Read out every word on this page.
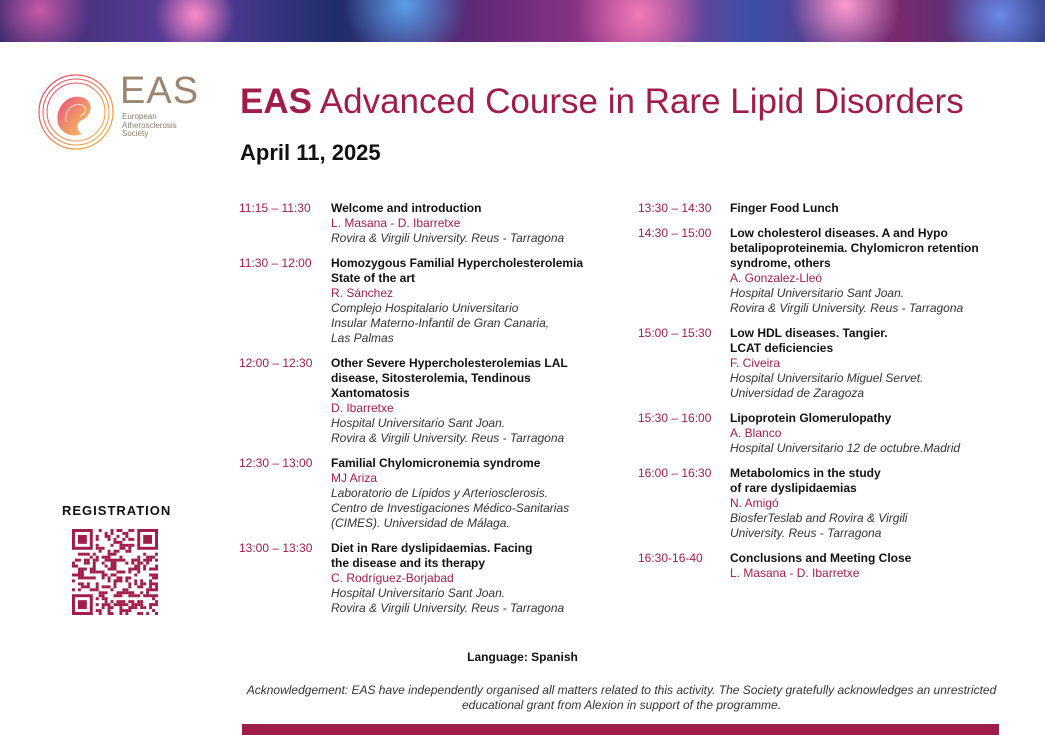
EAS
European
Atherosclerosis
Society
EAS Advanced Course in Rare Lipid Disorders
April 11, 2025
11:15 – 11:30	Welcome and introduction
L. Masana - D. Ibarretxe
Rovira & Virgili University. Reus - Tarragona
11:30 – 12:00	Homozygous Familial Hypercholesterolemia
State of the art
R. Sánchez
Complejo Hospitalario Universitario
Insular Materno-Infantil de Gran Canaria,
Las Palmas
12:00 – 12:30	Other Severe Hypercholesterolemias LAL
disease, Sitosterolemia, Tendinous
Xantomatosis
D. Ibarretxe
Hospital Universitario Sant Joan.
Rovira & Virgili University. Reus - Tarragona
12:30 – 13:00	Familial Chylomicronemia syndrome
MJ Ariza
Laboratorio de Lípidos y Arteriosclerosis.
Centro de Investigaciones Médico-Sanitarias
(CIMES). Universidad de Málaga.
13:00 – 13:30	Diet in Rare dyslipidaemias. Facing
the disease and its therapy
C. Rodríguez-Borjabad
Hospital Universitario Sant Joan.
Rovira & Virgili University. Reus - Tarragona
13:30 – 14:30	Finger Food Lunch
14:30 – 15:00	Low cholesterol diseases. A and Hypo
betalipoproteinemia. Chylomicron retention
syndrome, others
A. Gonzalez-Lleó
Hospital Universitario Sant Joan.
Rovira & Virgili University. Reus - Tarragona
15:00 – 15:30	Low HDL diseases. Tangier.
LCAT deficiencies
F. Civeira
Hospital Universitario Miguel Servet.
Universidad de Zaragoza
15:30 – 16:00	Lipoprotein Glomerulopathy
A. Blanco
Hospital Universitario 12 de octubre.Madrid
16:00 – 16:30	Metabolomics in the study
of rare dyslipidaemias
N. Amigó
BiosferTeslab and Rovira & Virgili
University. Reus - Tarragona
16:30-16-40	Conclusions and Meeting Close
L. Masana - D. Ibarretxe
REGISTRATION
Language: Spanish
Acknowledgement: EAS have independently organised all matters related to this activity. The Society gratefully acknowledges an unrestricted educational grant from Alexion in support of the programme.
